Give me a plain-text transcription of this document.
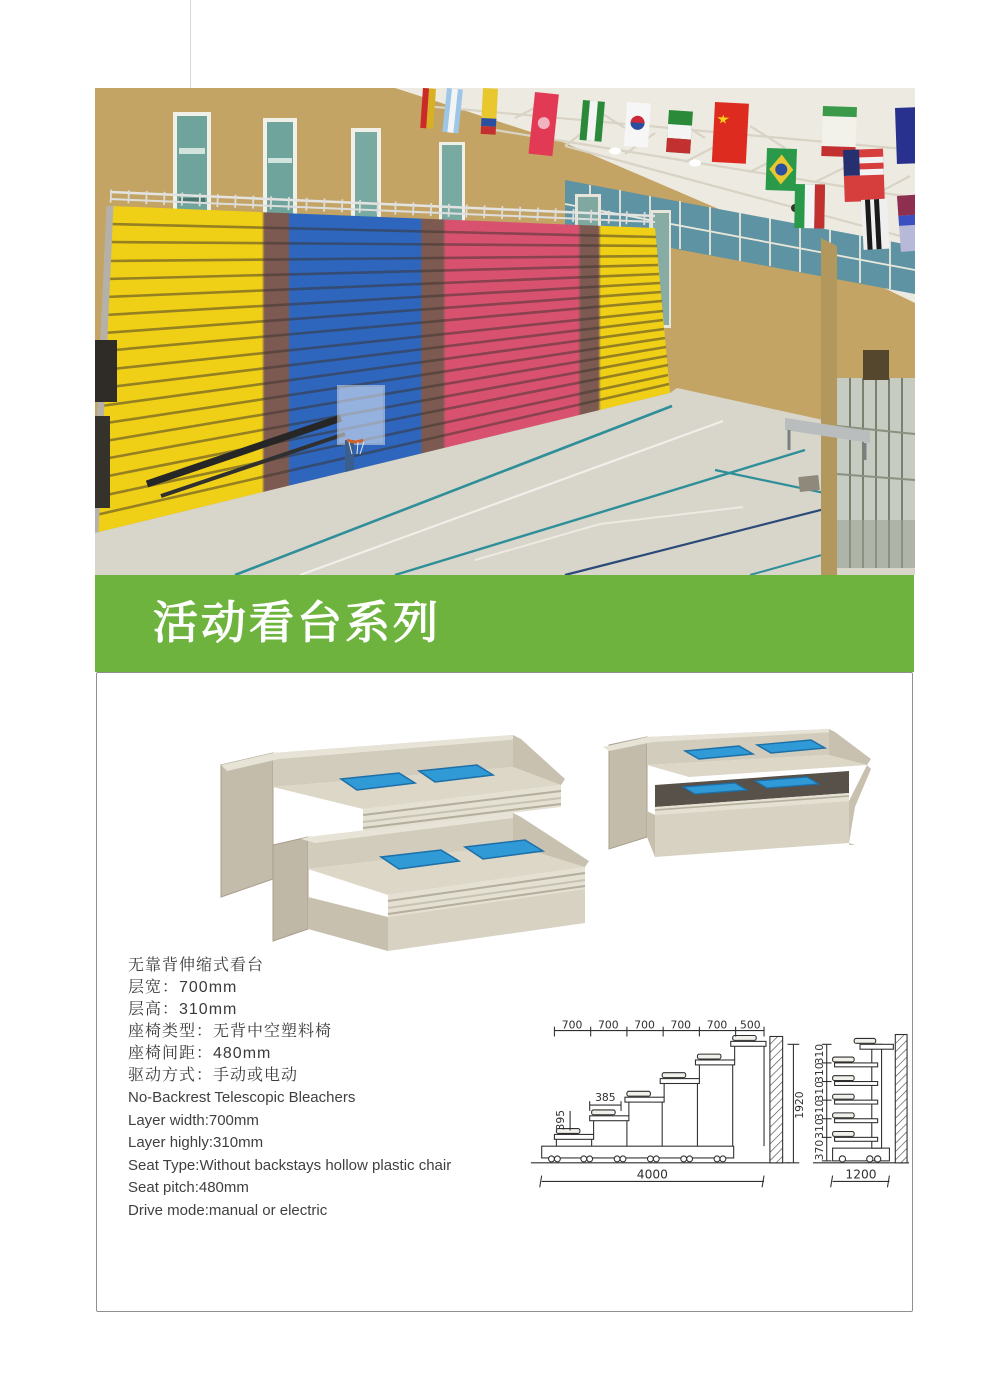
活动看台系列
无靠背伸缩式看台
层宽：700mm
层高：310mm
座椅类型：无背中空塑料椅
座椅间距：480mm
驱动方式：手动或电动
No-Backrest Telescopic Bleachers
Layer width:700mm
Layer highly:310mm
Seat Type:Without backstays hollow plastic chair
Seat pitch:480mm
Drive mode:manual or electric
700 700 700 700 700 500
395
385	1920
4000
310
310
310
310
310
370
1200
